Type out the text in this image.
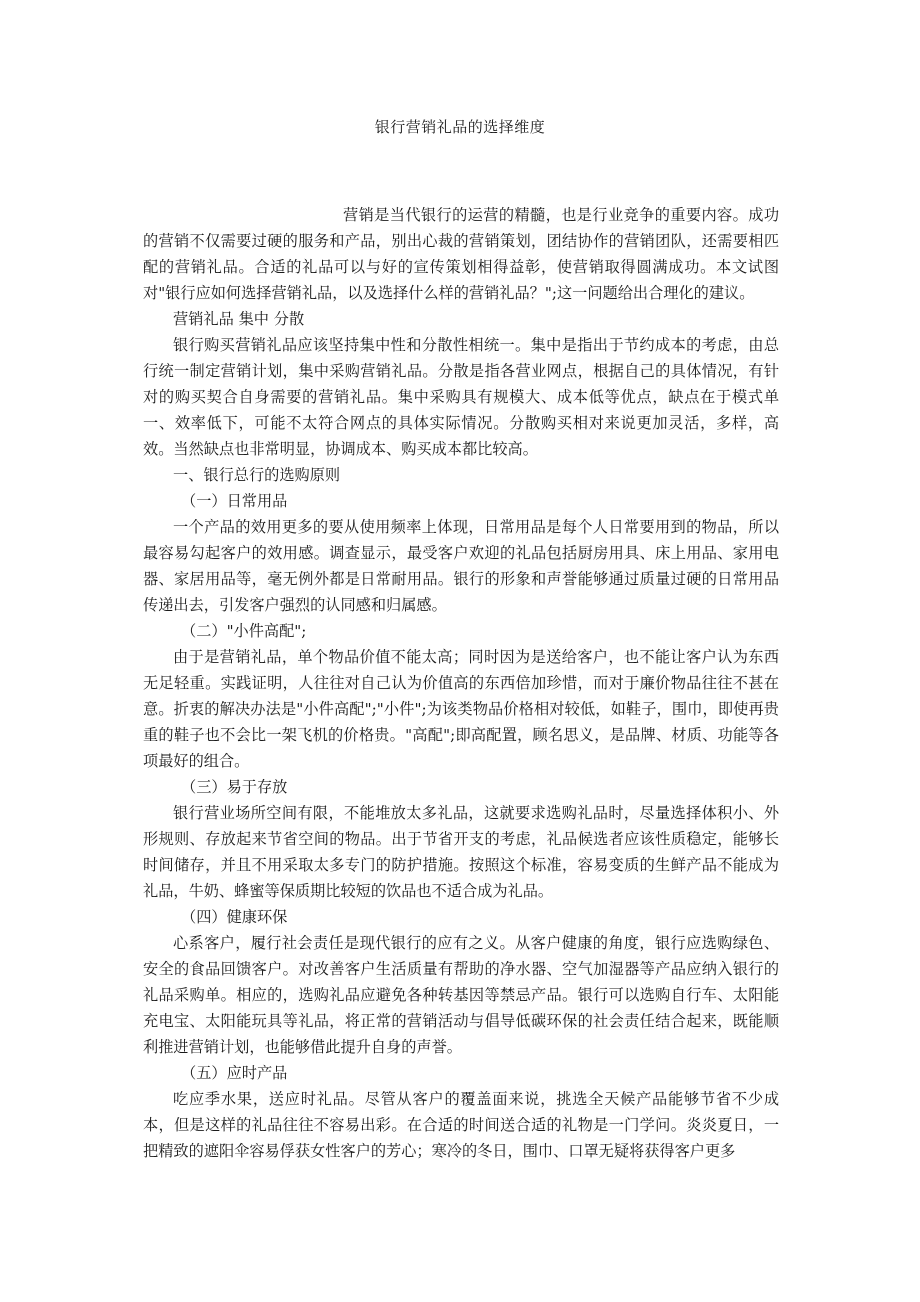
银行营销礼品的选择维度

营销是当代银行的运营的精髓，也是行业竞争的重要内容。成功的营销不仅需要过硬的服务和产品，别出心裁的营销策划，团结协作的营销团队，还需要相匹配的营销礼品。合适的礼品可以与好的宣传策划相得益彰，使营销取得圆满成功。本文试图对"银行应如何选择营销礼品，以及选择什么样的营销礼品？";这一问题给出合理化的建议。

营销礼品 集中 分散

银行购买营销礼品应该坚持集中性和分散性相统一。集中是指出于节约成本的考虑，由总行统一制定营销计划，集中采购营销礼品。分散是指各营业网点，根据自己的具体情况，有针对的购买契合自身需要的营销礼品。集中采购具有规模大、成本低等优点，缺点在于模式单一、效率低下，可能不太符合网点的具体实际情况。分散购买相对来说更加灵活，多样，高效。当然缺点也非常明显，协调成本、购买成本都比较高。

一、银行总行的选购原则

（一）日常用品

一个产品的效用更多的要从使用频率上体现，日常用品是每个人日常要用到的物品，所以最容易勾起客户的效用感。调查显示，最受客户欢迎的礼品包括厨房用具、床上用品、家用电器、家居用品等，毫无例外都是日常耐用品。银行的形象和声誉能够通过质量过硬的日常用品传递出去，引发客户强烈的认同感和归属感。

（二）"小件高配";

由于是营销礼品，单个物品价值不能太高；同时因为是送给客户，也不能让客户认为东西无足轻重。实践证明，人往往对自己认为价值高的东西倍加珍惜，而对于廉价物品往往不甚在意。折衷的解决办法是"小件高配";"小件";为该类物品价格相对较低，如鞋子，围巾，即使再贵重的鞋子也不会比一架飞机的价格贵。"高配";即高配置，顾名思义，是品牌、材质、功能等各项最好的组合。

（三）易于存放

银行营业场所空间有限，不能堆放太多礼品，这就要求选购礼品时，尽量选择体积小、外形规则、存放起来节省空间的物品。出于节省开支的考虑，礼品候选者应该性质稳定，能够长时间储存，并且不用采取太多专门的防护措施。按照这个标准，容易变质的生鲜产品不能成为礼品，牛奶、蜂蜜等保质期比较短的饮品也不适合成为礼品。

（四）健康环保

心系客户，履行社会责任是现代银行的应有之义。从客户健康的角度，银行应选购绿色、安全的食品回馈客户。对改善客户生活质量有帮助的净水器、空气加湿器等产品应纳入银行的礼品采购单。相应的，选购礼品应避免各种转基因等禁忌产品。银行可以选购自行车、太阳能充电宝、太阳能玩具等礼品，将正常的营销活动与倡导低碳环保的社会责任结合起来，既能顺利推进营销计划，也能够借此提升自身的声誉。

（五）应时产品

吃应季水果，送应时礼品。尽管从客户的覆盖面来说，挑选全天候产品能够节省不少成本，但是这样的礼品往往不容易出彩。在合适的时间送合适的礼物是一门学问。炎炎夏日，一把精致的遮阳伞容易俘获女性客户的芳心；寒冷的冬日，围巾、口罩无疑将获得客户更多
